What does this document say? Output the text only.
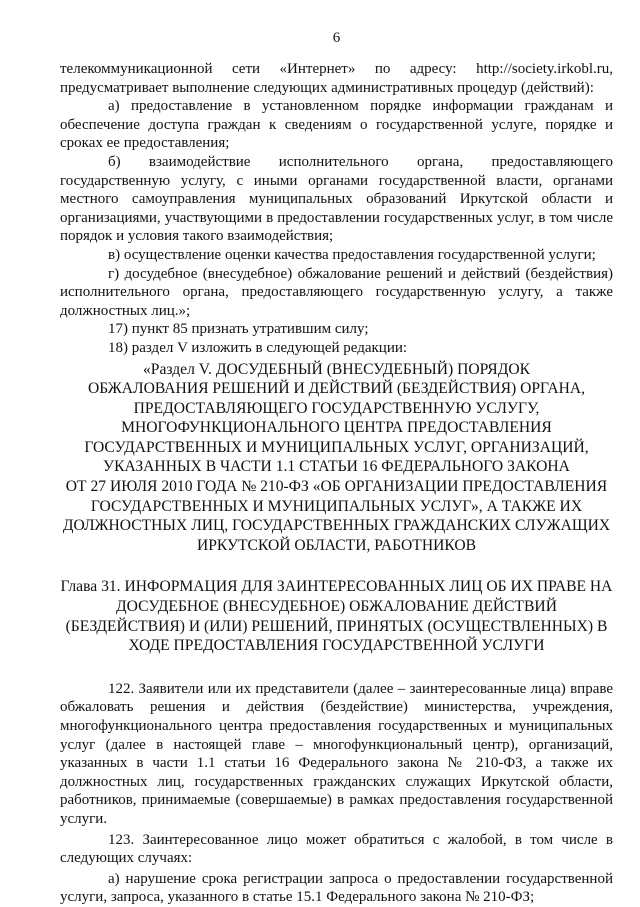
6

телекоммуникационной сети «Интернет» по адресу: http://society.irkobl.ru, предусматривает выполнение следующих административных процедур (действий):

а) предоставление в установленном порядке информации гражданам и обеспечение доступа граждан к сведениям о государственной услуге, порядке и сроках ее предоставления;

б) взаимодействие исполнительного органа, предоставляющего государственную услугу, с иными органами государственной власти, органами местного самоуправления муниципальных образований Иркутской области и организациями, участвующими в предоставлении государственных услуг, в том числе порядок и условия такого взаимодействия;

в) осуществление оценки качества предоставления государственной услуги;

г) досудебное (внесудебное) обжалование решений и действий (бездействия) исполнительного органа, предоставляющего государственную услугу, а также должностных лиц.»;

17) пункт 85 признать утратившим силу;

18) раздел V изложить в следующей редакции:

«Раздел V. ДОСУДЕБНЫЙ (ВНЕСУДЕБНЫЙ) ПОРЯДОК
ОБЖАЛОВАНИЯ РЕШЕНИЙ И ДЕЙСТВИЙ (БЕЗДЕЙСТВИЯ) ОРГАНА,
ПРЕДОСТАВЛЯЮЩЕГО ГОСУДАРСТВЕННУЮ УСЛУГУ,
МНОГОФУНКЦИОНАЛЬНОГО ЦЕНТРА ПРЕДОСТАВЛЕНИЯ
ГОСУДАРСТВЕННЫХ И МУНИЦИПАЛЬНЫХ УСЛУГ, ОРГАНИЗАЦИЙ,
УКАЗАННЫХ В ЧАСТИ 1.1 СТАТЬИ 16 ФЕДЕРАЛЬНОГО ЗАКОНА
ОТ 27 ИЮЛЯ 2010 ГОДА № 210-ФЗ «ОБ ОРГАНИЗАЦИИ ПРЕДОСТАВЛЕНИЯ
ГОСУДАРСТВЕННЫХ И МУНИЦИПАЛЬНЫХ УСЛУГ», А ТАКЖЕ ИХ
ДОЛЖНОСТНЫХ ЛИЦ, ГОСУДАРСТВЕННЫХ ГРАЖДАНСКИХ СЛУЖАЩИХ
ИРКУТСКОЙ ОБЛАСТИ, РАБОТНИКОВ
Глава 31. ИНФОРМАЦИЯ ДЛЯ ЗАИНТЕРЕСОВАННЫХ ЛИЦ ОБ ИХ ПРАВЕ НА
ДОСУДЕБНОЕ (ВНЕСУДЕБНОЕ) ОБЖАЛОВАНИЕ ДЕЙСТВИЙ
(БЕЗДЕЙСТВИЯ) И (ИЛИ) РЕШЕНИЙ, ПРИНЯТЫХ (ОСУЩЕСТВЛЕННЫХ) В
ХОДЕ ПРЕДОСТАВЛЕНИЯ ГОСУДАРСТВЕННОЙ УСЛУГИ

122. Заявители или их представители (далее – заинтересованные лица) вправе обжаловать решения и действия (бездействие) министерства, учреждения, многофункционального центра предоставления государственных и муниципальных услуг (далее в настоящей главе – многофункциональный центр), организаций, указанных в части 1.1 статьи 16 Федерального закона № 210-ФЗ, а также их должностных лиц, государственных гражданских служащих Иркутской области, работников, принимаемые (совершаемые) в рамках предоставления государственной услуги.

123. Заинтересованное лицо может обратиться с жалобой, в том числе в следующих случаях:

а) нарушение срока регистрации запроса о предоставлении государственной услуги, запроса, указанного в статье 15.1 Федерального закона № 210-ФЗ;
